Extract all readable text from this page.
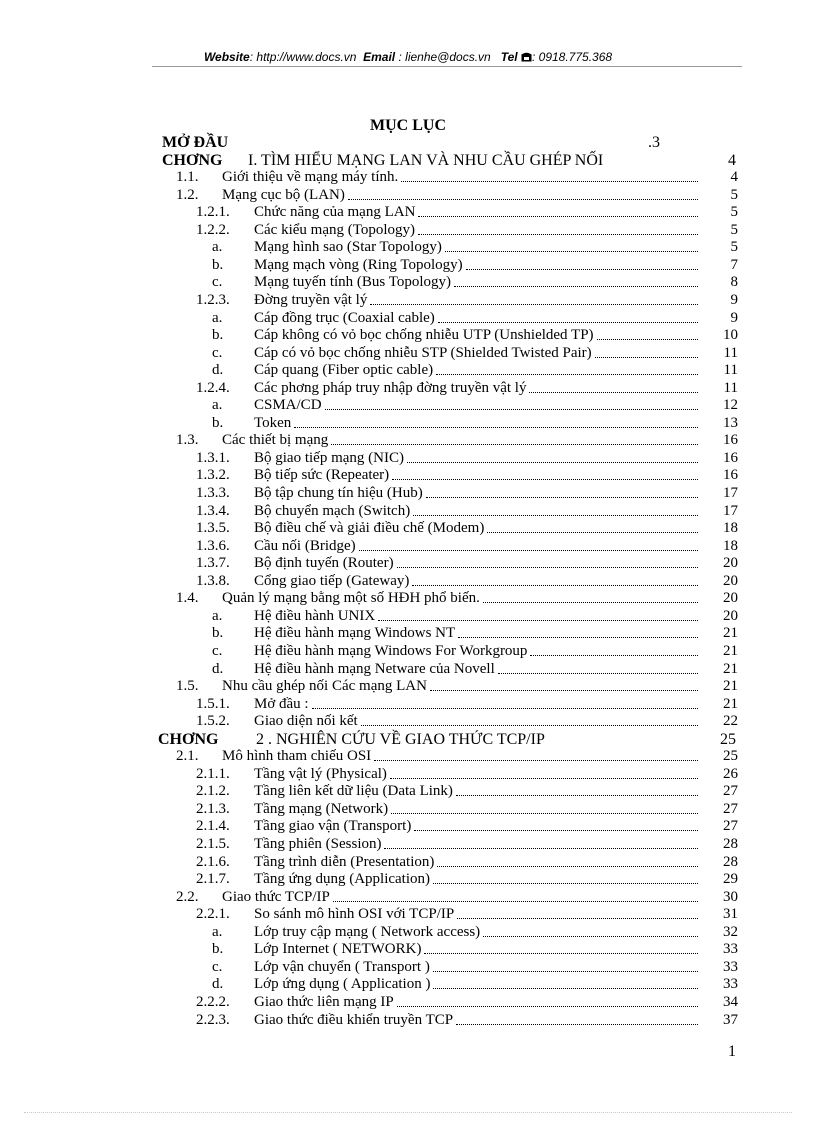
Website: http://www.docs.vn Email : lienhe@docs.vn Tel : 0918.775.368
MỤC LỤC
MỞ ĐẦU	.3
CHƠNG I. TÌM HIỂU MẠNG LAN VÀ NHU CẦU GHÉP NỐI	4
1.1. Giới thiệu về mạng máy tính.	4
1.2. Mạng cục bộ (LAN)	5
1.2.1. Chức năng của mạng LAN	5
1.2.2. Các kiểu mạng (Topology)	5
a. Mạng hình sao (Star Topology)	5
b. Mạng mạch vòng (Ring Topology)	7
c. Mạng tuyến tính (Bus Topology)	8
1.2.3. Đờng truyền vật lý	9
a. Cáp đồng trục (Coaxial cable)	9
b. Cáp không có vỏ bọc chống nhiễu UTP (Unshielded TP)	10
c. Cáp có vỏ bọc chống nhiễu STP (Shielded Twisted Pair)	11
d. Cáp quang (Fiber optic cable)	11
1.2.4. Các phơng pháp truy nhập đờng truyền vật lý	11
a. CSMA/CD	12
b. Token	13
1.3. Các thiết bị mạng	16
1.3.1. Bộ giao tiếp mạng (NIC)	16
1.3.2. Bộ tiếp sức (Repeater)	16
1.3.3. Bộ tập chung tín hiệu (Hub)	17
1.3.4. Bộ chuyển mạch (Switch)	17
1.3.5. Bộ điều chế và giải điều chế (Modem)	18
1.3.6. Cầu nối (Bridge)	18
1.3.7. Bộ định tuyến (Router)	20
1.3.8. Cổng giao tiếp (Gateway)	20
1.4. Quản lý mạng bằng một số HĐH phổ biến.	20
a. Hệ điều hành UNIX	20
b. Hệ điều hành mạng Windows NT	21
c. Hệ điều hành mạng Windows For Workgroup	21
d. Hệ điều hành mạng Netware của Novell	21
1.5. Nhu cầu ghép nối Các mạng LAN	21
1.5.1. Mở đầu :	21
1.5.2. Giao diện nối kết	22
CHƠNG 2 . NGHIÊN CỨU VỀ GIAO THỨC TCP/IP	25
2.1. Mô hình tham chiếu OSI	25
2.1.1. Tầng vật lý (Physical)	26
2.1.2. Tầng liên kết dữ liệu (Data Link)	27
2.1.3. Tầng mạng (Network)	27
2.1.4. Tầng giao vận (Transport)	27
2.1.5. Tầng phiên (Session)	28
2.1.6. Tầng trình diễn (Presentation)	28
2.1.7. Tầng ứng dụng (Application)	29
2.2. Giao thức TCP/IP	30
2.2.1. So sánh mô hình OSI với TCP/IP	31
a. Lớp truy cập mạng ( Network access)	32
b. Lớp Internet ( NETWORK)	33
c. Lớp vận chuyển ( Transport )	33
d. Lớp ứng dụng ( Application )	33
2.2.2. Giao thức liên mạng IP	34
2.2.3. Giao thức điều khiển truyền TCP	37
1
